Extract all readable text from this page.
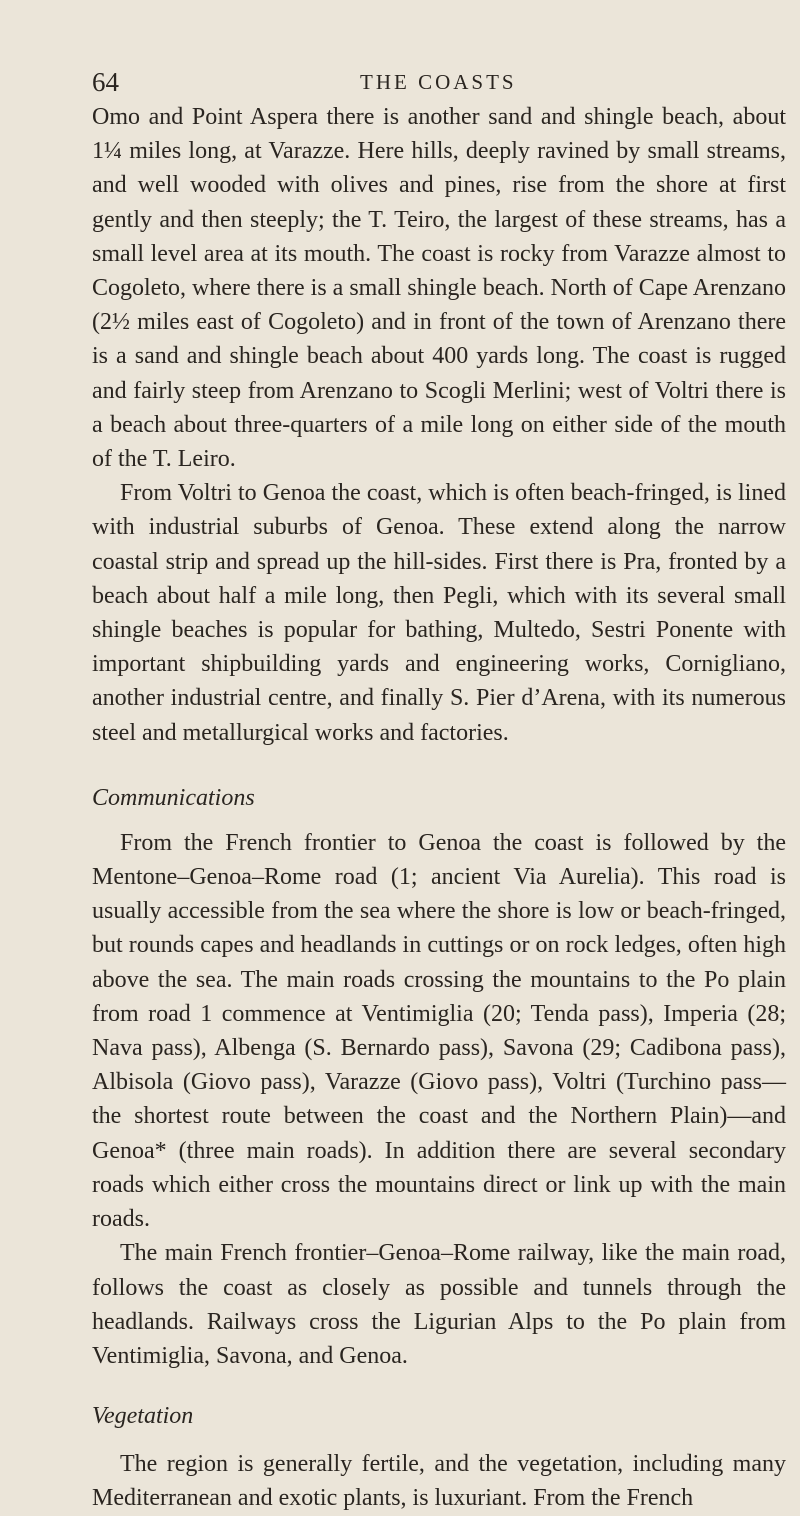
64	THE COASTS

Omo and Point Aspera there is another sand and shingle beach, about 1¼ miles long, at Varazze. Here hills, deeply ravined by small streams, and well wooded with olives and pines, rise from the shore at first gently and then steeply; the T. Teiro, the largest of these streams, has a small level area at its mouth. The coast is rocky from Varazze almost to Cogoleto, where there is a small shingle beach. North of Cape Arenzano (2½ miles east of Cogoleto) and in front of the town of Arenzano there is a sand and shingle beach about 400 yards long. The coast is rugged and fairly steep from Arenzano to Scogli Merlini; west of Voltri there is a beach about three-quarters of a mile long on either side of the mouth of the T. Leiro.

From Voltri to Genoa the coast, which is often beach-fringed, is lined with industrial suburbs of Genoa. These extend along the narrow coastal strip and spread up the hill-sides. First there is Pra, fronted by a beach about half a mile long, then Pegli, which with its several small shingle beaches is popular for bathing, Multedo, Sestri Ponente with important shipbuilding yards and engineering works, Cornigliano, another industrial centre, and finally S. Pier d’Arena, with its numerous steel and metallurgical works and factories.

Communications

From the French frontier to Genoa the coast is followed by the Mentone–Genoa–Rome road (1; ancient Via Aurelia). This road is usually accessible from the sea where the shore is low or beach-fringed, but rounds capes and headlands in cuttings or on rock ledges, often high above the sea. The main roads crossing the mountains to the Po plain from road 1 commence at Ventimiglia (20; Tenda pass), Imperia (28; Nava pass), Albenga (S. Bernardo pass), Savona (29; Cadibona pass), Albisola (Giovo pass), Varazze (Giovo pass), Voltri (Turchino pass—the shortest route between the coast and the Northern Plain)—and Genoa* (three main roads). In addition there are several secondary roads which either cross the mountains direct or link up with the main roads.

The main French frontier–Genoa–Rome railway, like the main road, follows the coast as closely as possible and tunnels through the headlands. Railways cross the Ligurian Alps to the Po plain from Ventimiglia, Savona, and Genoa.

Vegetation

The region is generally fertile, and the vegetation, including many Mediterranean and exotic plants, is luxuriant. From the French
